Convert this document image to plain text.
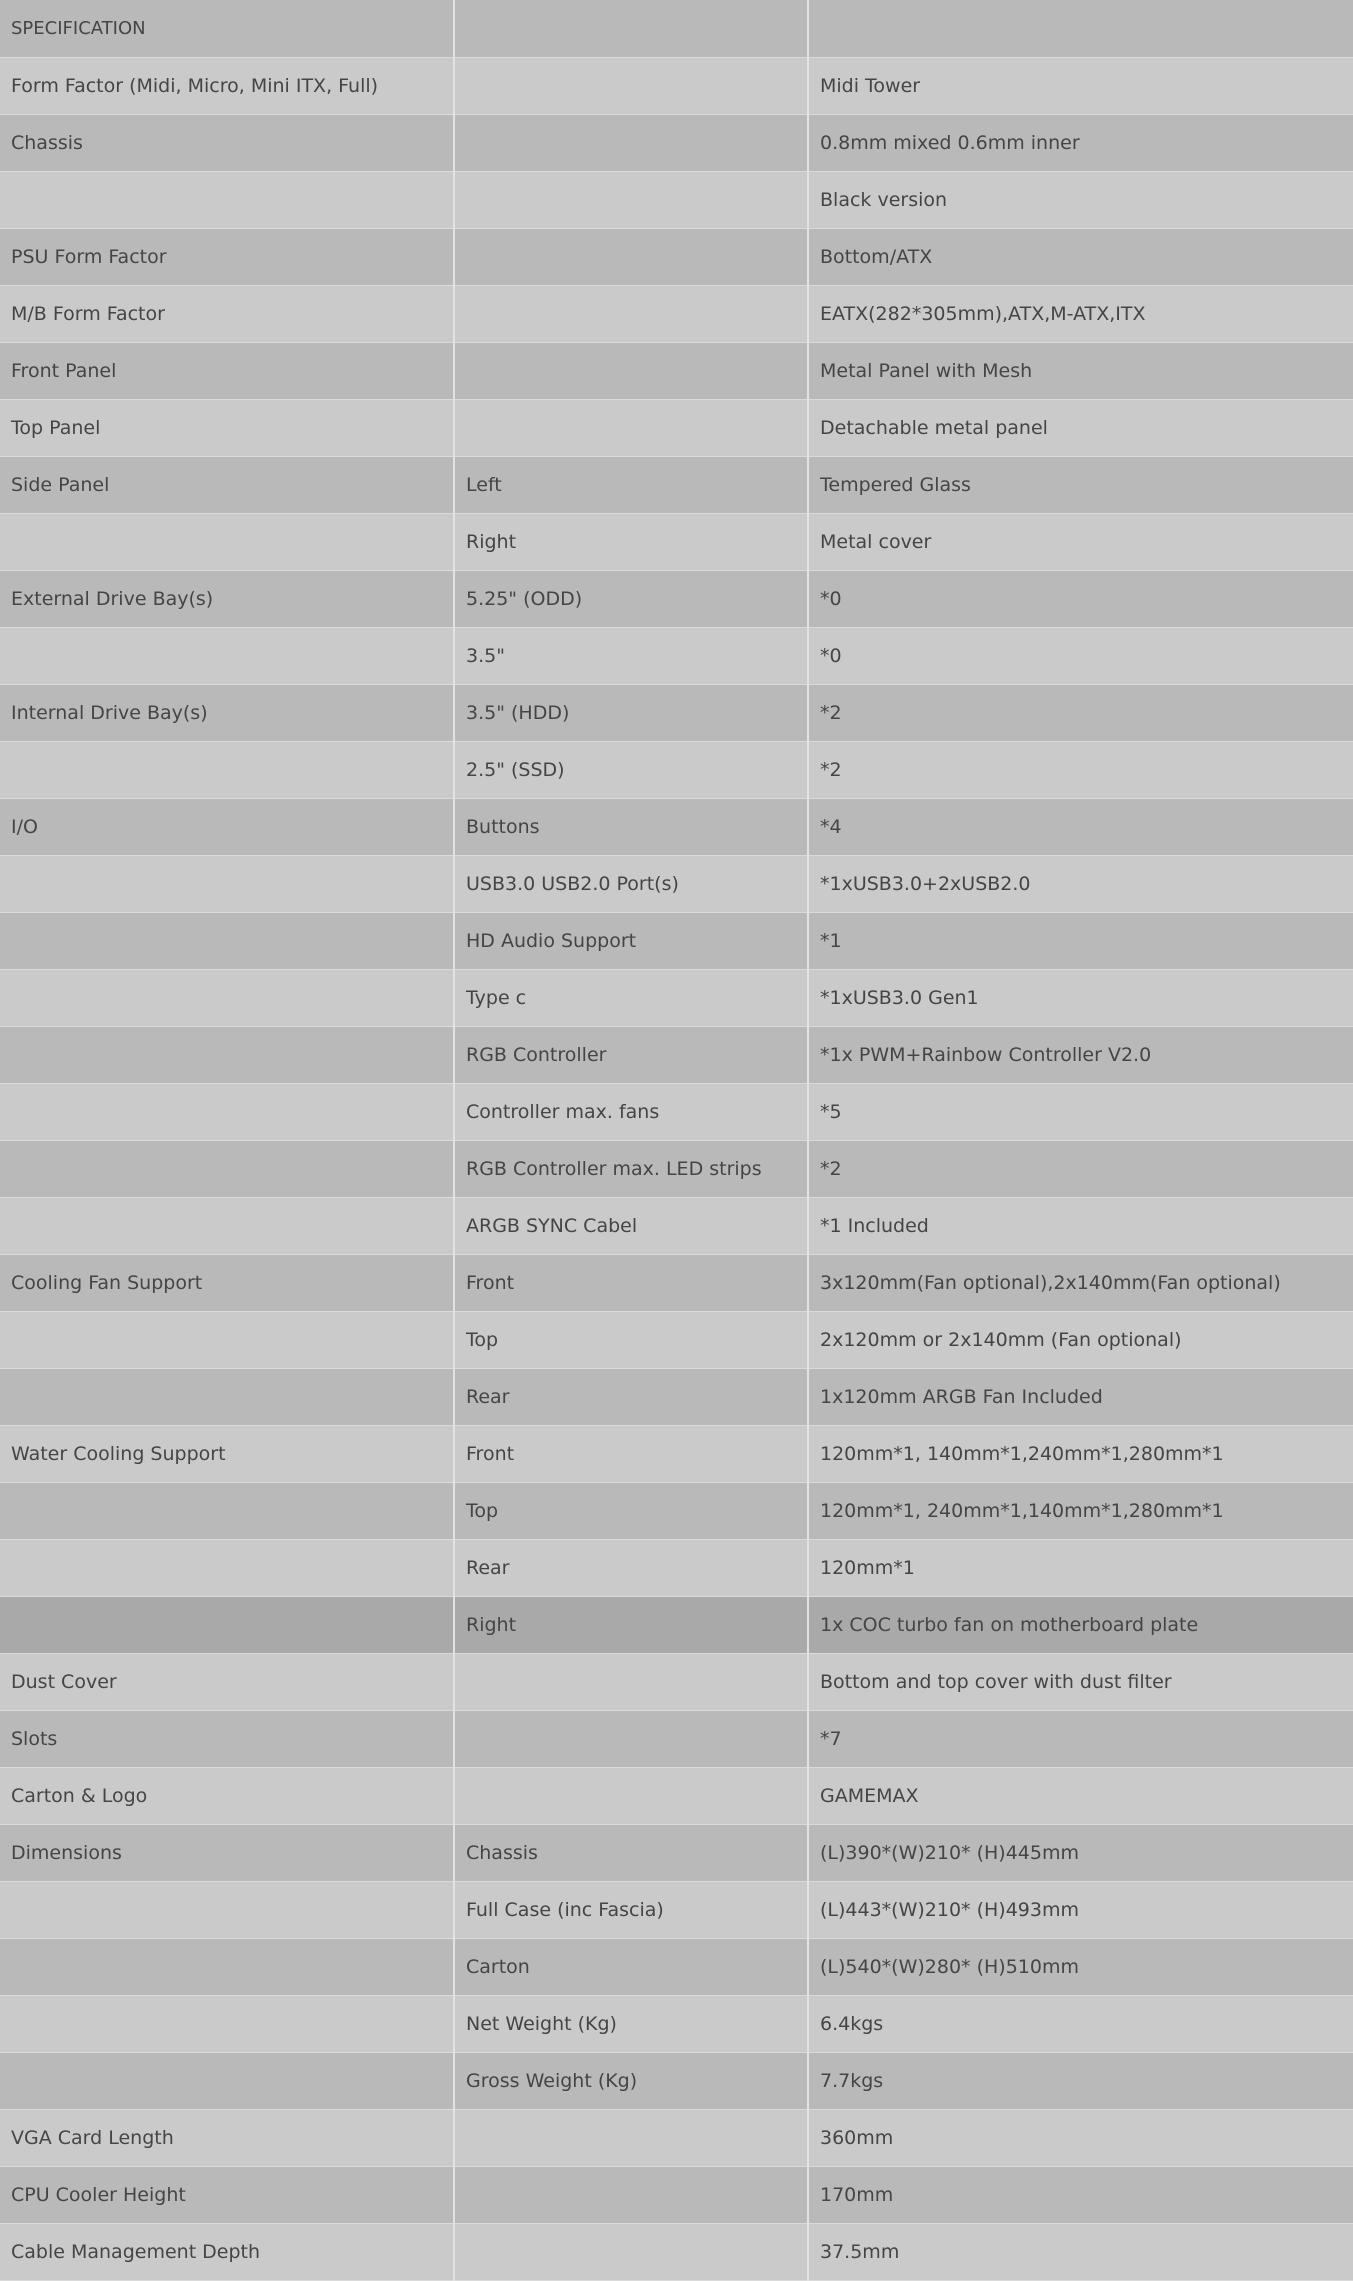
SPECIFICATION		
Form Factor (Midi, Micro, Mini ITX, Full)		Midi Tower
Chassis		0.8mm mixed 0.6mm inner
		Black version
PSU Form Factor		Bottom/ATX
M/B Form Factor		EATX(282*305mm),ATX,M-ATX,ITX
Front Panel		Metal Panel with Mesh
Top Panel		Detachable metal panel
Side Panel	Left	Tempered Glass
	Right	Metal cover
External Drive Bay(s)	5.25" (ODD)	*0
	3.5"	*0
Internal Drive Bay(s)	3.5" (HDD)	*2
	2.5" (SSD)	*2
I/O	Buttons	*4
	USB3.0 USB2.0 Port(s)	*1xUSB3.0+2xUSB2.0
	HD Audio Support	*1
	Type c	*1xUSB3.0 Gen1
	RGB Controller	*1x PWM+Rainbow Controller V2.0
	Controller max. fans	*5
	RGB Controller max. LED strips	*2
	ARGB SYNC Cabel	*1 Included
Cooling Fan Support	Front	3x120mm(Fan optional),2x140mm(Fan optional)
	Top	2x120mm or 2x140mm (Fan optional)
	Rear	1x120mm ARGB Fan Included
Water Cooling Support	Front	120mm*1, 140mm*1,240mm*1,280mm*1
	Top	120mm*1, 240mm*1,140mm*1,280mm*1
	Rear	120mm*1
	Right	1x COC turbo fan on motherboard plate
Dust Cover		Bottom and top cover with dust filter
Slots		*7
Carton & Logo		GAMEMAX
Dimensions	Chassis	(L)390*(W)210* (H)445mm
	Full Case (inc Fascia)	(L)443*(W)210* (H)493mm
	Carton	(L)540*(W)280* (H)510mm
	Net Weight (Kg)	6.4kgs
	Gross Weight (Kg)	7.7kgs
VGA Card Length		360mm
CPU Cooler Height		170mm
Cable Management Depth		37.5mm
